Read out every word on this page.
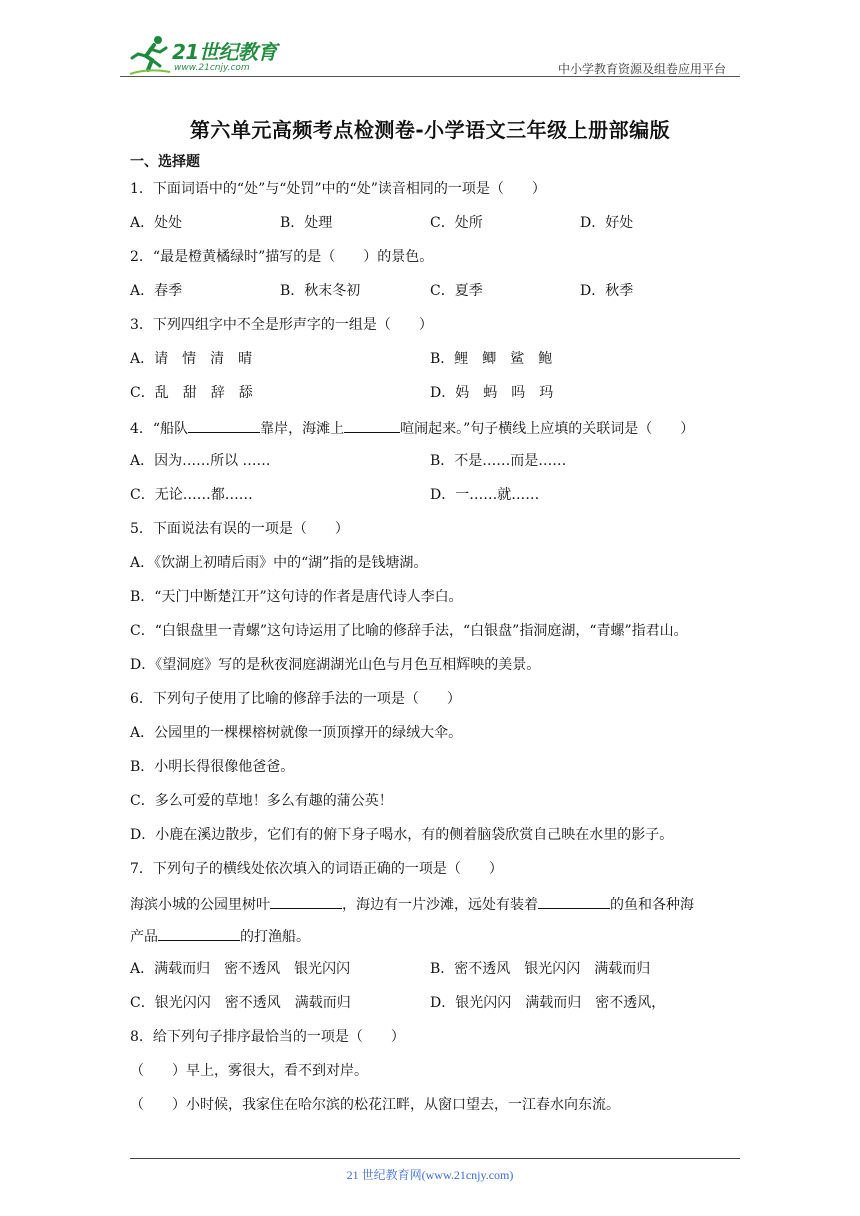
21世纪教育
www.21cnjy.com	中小学教育资源及组卷应用平台
第六单元高频考点检测卷-小学语文三年级上册部编版
一、选择题
1．下面词语中的“处”与“处罚”中的“处”读音相同的一项是（　　）
A．处处	B．处理	C．处所	D．好处
2．“最是橙黄橘绿时”描写的是（　　）的景色。
A．春季	B．秋末冬初	C．夏季	D．秋季
3．下列四组字中不全是形声字的一组是（　　）
A．请　情　清　晴	B．鲤　鲫　鲨　鲍
C．乱　甜　辞　舔	D．妈　蚂　吗　玛
4．“船队	靠岸，海滩上	喧闹起来。”句子横线上应填的关联词是（　　）
A．因为……所以 ……	B．不是……而是……
C．无论……都……	D．一……就……
5．下面说法有误的一项是（　　）
A．《饮湖上初晴后雨》中的“湖”指的是钱塘湖。
B．“天门中断楚江开”这句诗的作者是唐代诗人李白。
C．“白银盘里一青螺”这句诗运用了比喻的修辞手法，“白银盘”指洞庭湖，“青螺”指君山。
D．《望洞庭》写的是秋夜洞庭湖湖光山色与月色互相辉映的美景。
6．下列句子使用了比喻的修辞手法的一项是（　　）
A．公园里的一棵棵榕树就像一顶顶撑开的绿绒大伞。
B．小明长得很像他爸爸。
C．多么可爱的草地！多么有趣的蒲公英！
D．小鹿在溪边散步，它们有的俯下身子喝水，有的侧着脑袋欣赏自己映在水里的影子。
7．下列句子的横线处依次填入的词语正确的一项是（　　）
海滨小城的公园里树叶	，海边有一片沙滩，远处有装着	的鱼和各种海
产品	的打渔船。
A．满载而归　密不透风　银光闪闪	B．密不透风　银光闪闪　满载而归
C．银光闪闪　密不透风　满载而归	D．银光闪闪　满载而归　密不透风，
8．给下列句子排序最恰当的一项是（　　）
（　　）早上，雾很大，看不到对岸。
（　　）小时候，我家住在哈尔滨的松花江畔，从窗口望去，一江春水向东流。
21 世纪教育网(www.21cnjy.com)
